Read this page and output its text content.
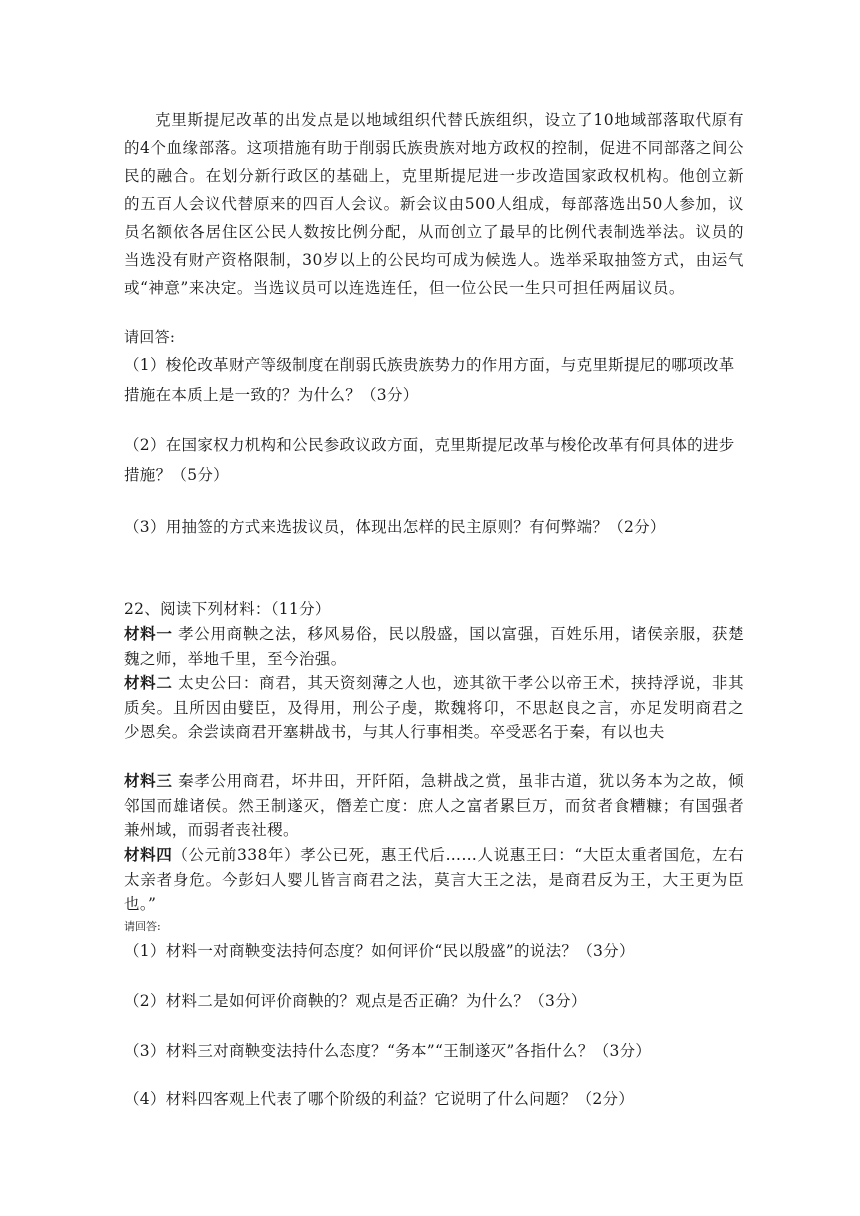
克里斯提尼改革的出发点是以地域组织代替氏族组织，设立了10地域部落取代原有的4个血缘部落。这项措施有助于削弱氏族贵族对地方政权的控制，促进不同部落之间公民的融合。在划分新行政区的基础上，克里斯提尼进一步改造国家政权机构。他创立新的五百人会议代替原来的四百人会议。新会议由500人组成，每部落选出50人参加，议员名额依各居住区公民人数按比例分配，从而创立了最早的比例代表制选举法。议员的当选没有财产资格限制，30岁以上的公民均可成为候选人。选举采取抽签方式，由运气或“神意”来决定。当选议员可以连选连任，但一位公民一生只可担任两届议员。

请回答:

（1）梭伦改革财产等级制度在削弱氏族贵族势力的作用方面，与克里斯提尼的哪项改革措施在本质上是一致的？为什么？（3分）

（2）在国家权力机构和公民参政议政方面，克里斯提尼改革与梭伦改革有何具体的进步措施？（5分）

（3）用抽签的方式来选拔议员，体现出怎样的民主原则？有何弊端？（2分）

22、阅读下列材料：（11分）

材料一 孝公用商鞅之法，移风易俗，民以殷盛，国以富强，百姓乐用，诸侯亲服，获楚魏之师，举地千里，至今治强。
材料二 太史公曰：商君，其天资刻薄之人也，迹其欲干孝公以帝王术，挟持浮说，非其质矣。且所因由嬖臣，及得用，刑公子虔，欺魏将卬，不思赵良之言，亦足发明商君之少恩矣。余尝读商君开塞耕战书，与其人行事相类。卒受恶名于秦，有以也夫
材料三 秦孝公用商君，坏井田，开阡陌，急耕战之赏，虽非古道，犹以务本为之故，倾邻国而雄诸侯。然王制遂灭，僭差亡度：庶人之富者累巨万，而贫者食糟糠；有国强者兼州域，而弱者丧社稷。
材料四（公元前338年）孝公已死，惠王代后……人说惠王曰：“大臣太重者国危，左右太亲者身危。今彭妇人婴儿皆言商君之法，莫言大王之法，是商君反为王，大王更为臣也。”

请回答:

（1）材料一对商鞅变法持何态度？如何评价“民以殷盛”的说法？（3分）

（2）材料二是如何评价商鞅的？观点是否正确？为什么？（3分）

（3）材料三对商鞅变法持什么态度？“务本”“王制遂灭”各指什么？（3分）

（4）材料四客观上代表了哪个阶级的利益？它说明了什么问题？（2分）
